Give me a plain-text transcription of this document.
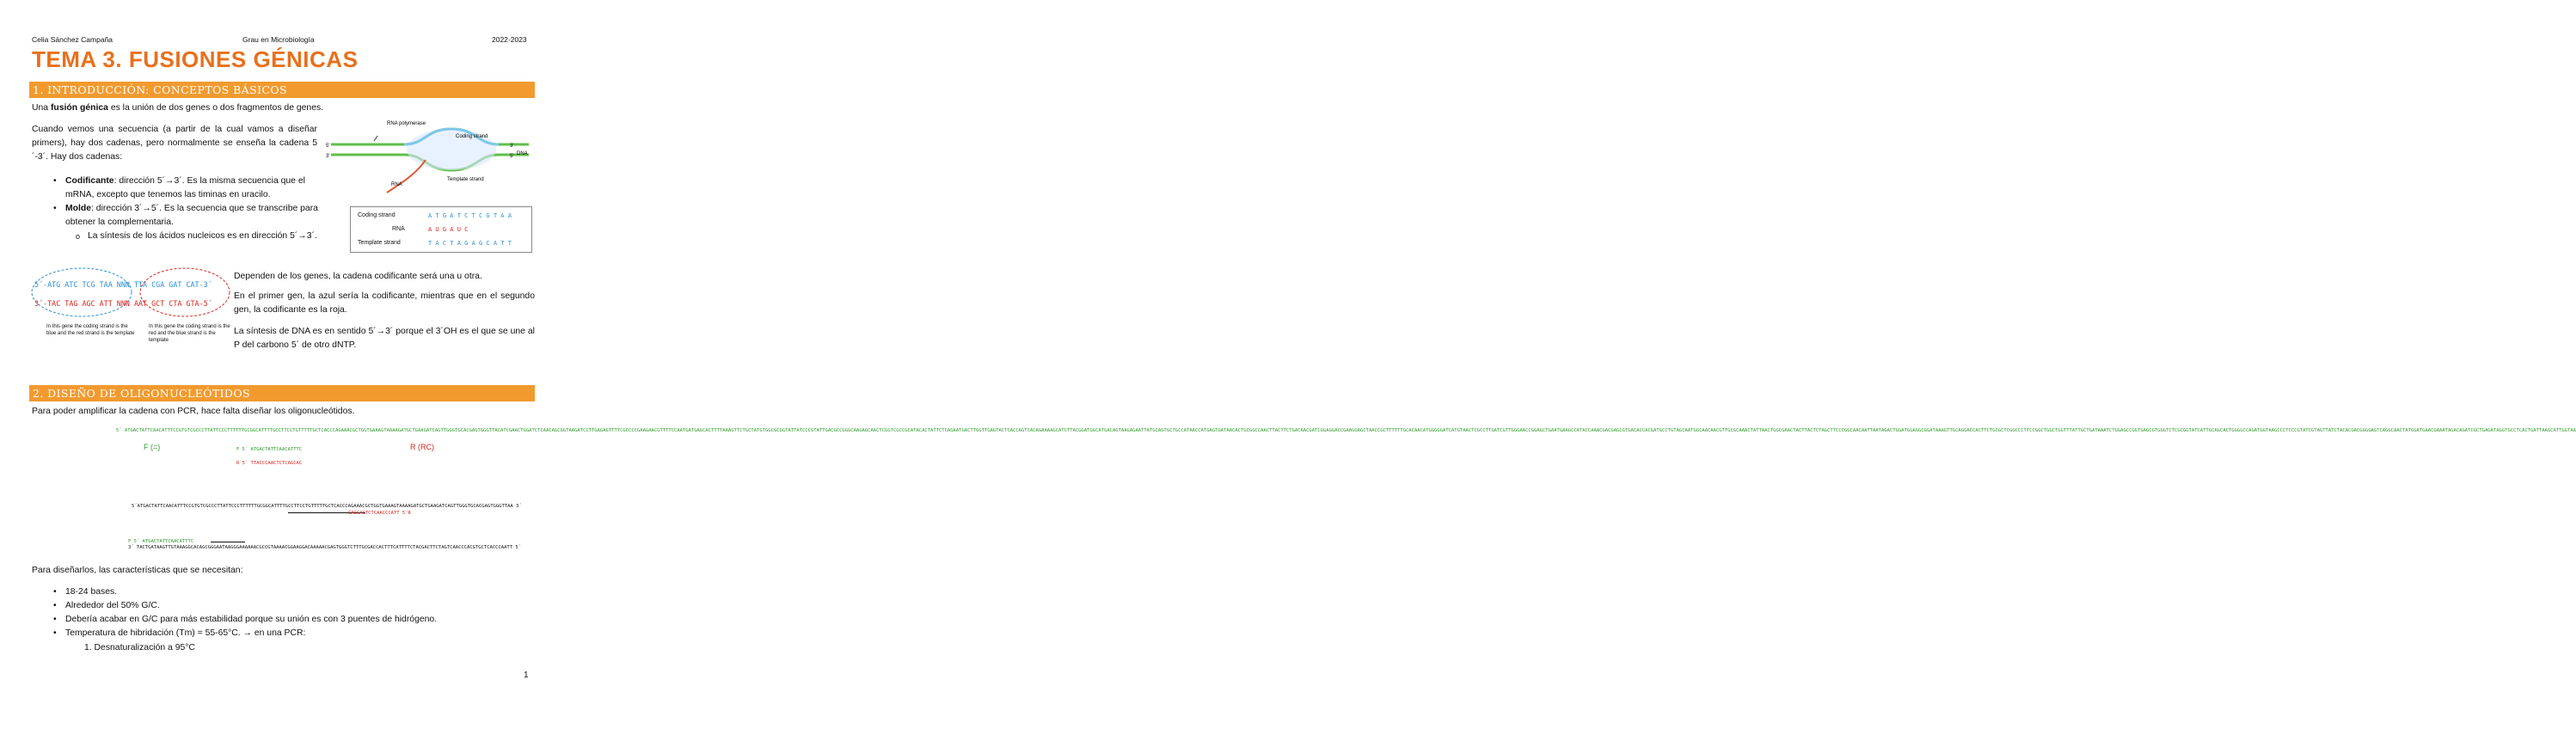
Celia Sánchez Campaña	Grau en Microbiología	2022-2023
TEMA 3. FUSIONES GÉNICAS
1. INTRODUCCIÓN: CONCEPTOS BÁSICOS
Una fusión génica es la unión de dos genes o dos fragmentos de genes.
Cuando vemos una secuencia (a partir de la cual vamos a diseñar primers), hay dos cadenas, pero normalmente se enseña la cadena 5´-3´. Hay dos cadenas:
• Codificante: dirección 5´→3´. Es la misma secuencia que el mRNA, excepto que tenemos las timinas en uracilo.
• Molde: dirección 3´→5´. Es la secuencia que se transcribe para obtener la complementaria.
o La síntesis de los ácidos nucleicos es en dirección 5´→3´.
RNA polymerase
Coding strand
Template strand
DNA
RNA
5'
3'
3'
5'
Coding strand	A T G A T C T C G T A A
RNA	A U G A U C
Template strand	T A C T A G A G C A T T
5´-ATG ATC TCG TAA NNN TTA CGA GAT CAT-3´
3´-TAC TAG AGC ATT NNN AAT GCT CTA GTA-5´
In this gene the coding strand is the blue and the red strand is the template
In this gene the coding strand is the red and the blue strand is the template
Dependen de los genes, la cadena codificante será una u otra.
En el primer gen, la azul sería la codificante, mientras que en el segundo gen, la codificante es la roja.
La síntesis de DNA es en sentido 5´→3´ porque el 3´OH es el que se une al P del carbono 5´ de otro dNTP.
2. DISEÑO DE OLIGONUCLEÓTIDOS
Para poder amplificar la cadena con PCR, hace falta diseñar los oligonucleótidos.
5´ ATGACTATTCAACATTTCCGTGTCGCCCTTATTCCCTTTTTTGCGGCATTTTGCCTTCCTGTTTTTGCTCACCCAGAAACGCTGGTGAAAGTAAAAGATGCTGAAGATCAGTTGGGTGCACGAGTGGGTTACATCGAACTGGATCTCAACAGCGGTAAGATCCTTGAGAGTTTTCGCCCCGAAGAACGTTTTCCAATGATGAGCACTTTTAAAGTTCTGCTATGTGGCGCGGTATTATCCCGTATTGACGCCGGGCAAGAGCAACTCGGTCGCCGCATACACTATTCTCAGAATGACTTGGTTGAGTACTCACCAGTCACAGAAAAGCATCTTACGGATGGCATGACAGTAAGAGAATTATGCAGTGCTGCCATAACCATGAGTGATAACACTGCGGCCAACTTACTTCTGACAACGATCGGAGGACCGAAGGAGCTAACCGCTTTTTTGCACAACATGGGGGATCATGTAACTCGCCTTGATCGTTGGGAACCGGAGCTGAATGAAGCCATACCAAACGACGAGCGTGACACCACGATGCCTGTAGCAATGGCAACAACGTTGCGCAAACTATTAACTGGCGAACTACTTACTCTAGCTTCCCGGCAACAATTAATAGACTGGATGGAGGCGGATAAAGTTGCAGGACCACTTCTGCGCTCGGCCCTTCCGGCTGGCTGGTTTATTGCTGATAAATCTGGAGCCGGTGAGCGTGGGTCTCGCGGTATCATTGCAGCACTGGGGCCAGATGGTAAGCCCTCCCGTATCGTAGTTATCTACACGACGGGGAGTCAGGCAACTATGGATGAACGAAATAGACAGATCGCTGAGATAGGTGCCTCACTGATTAAGCATTGGTAA
F (=)	R (RC)
F 5´ ATGACTATTCAACATTTC
R 5´ TTACCCAACTCTCAGCAC
5´ATGACTATTCAACATTTCCGTGTCGCCCTTATTCCCTTTTTTGCGGCATTTTGCCTTCCTGTTTTTGCTCACCCAGAAACGCTGGTGAAAGTAAAAGATGCTGAAGATCAGTTGGGTGCACGAGTGGGTTAA 3´
CACGACTCTCAACCCATT 5´R
F 5´ ATGACTATTCAACATTTC
3´ TACTGATAAGTTGTAAAGGCACAGCGGGAATAAGGGAAAAAACGCCGTAAAACGGAAGGACAAAAACGAGTGGGTCTTTGCGACCACTTTCATTTTCTACGACTTCTAGTCAACCCACGTGCTCACCCAATT 5´
Para diseñarlos, las características que se necesitan:
• 18-24 bases.
• Alrededor del 50% G/C.
• Debería acabar en G/C para más estabilidad porque su unión es con 3 puentes de hidrógeno.
• Temperatura de hibridación (Tm) = 55-65°C. → en una PCR:
1. Desnaturalización a 95°C
1
